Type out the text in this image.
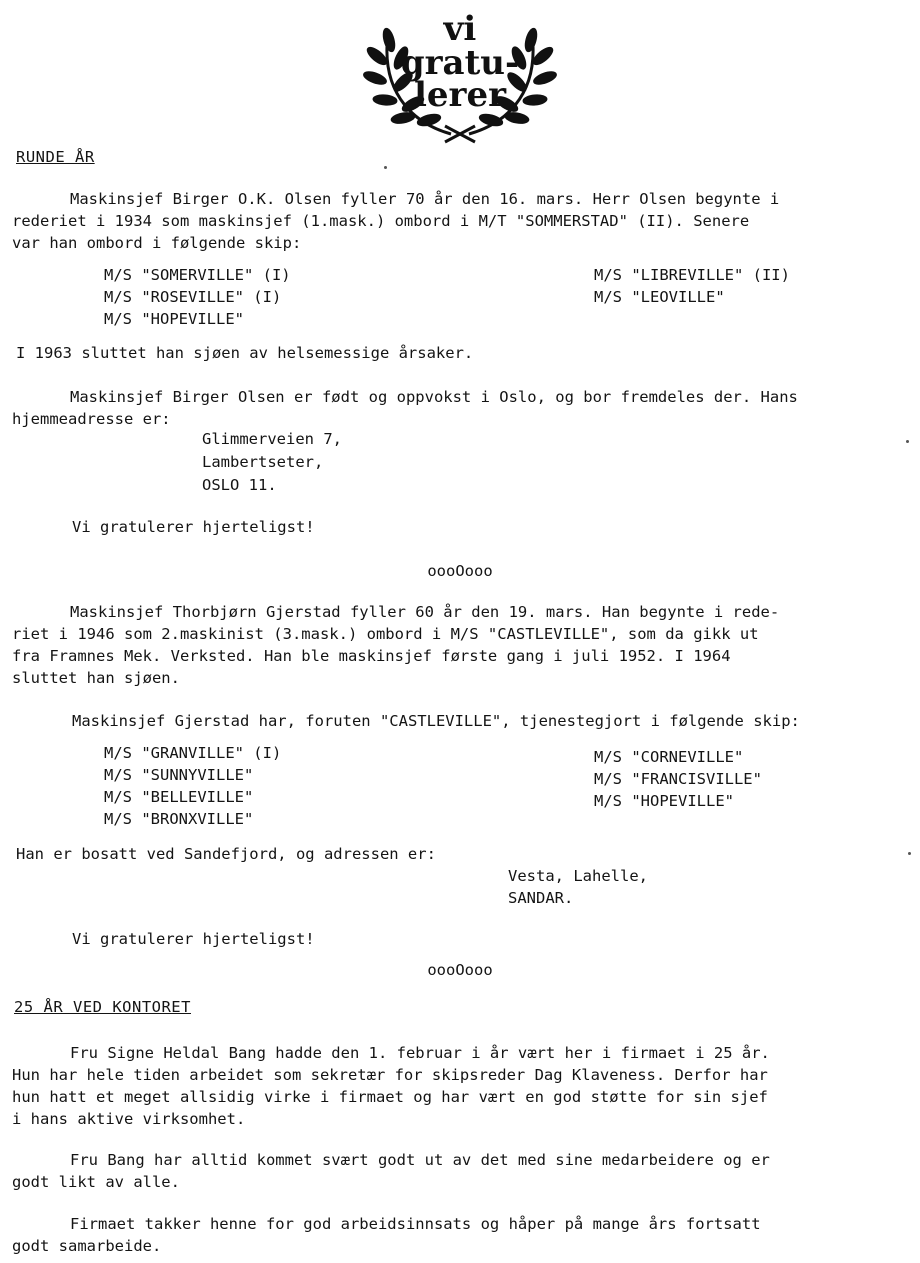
vi
gratu-
lerer
RUNDE ÅR
Maskinsjef Birger O.K. Olsen fyller 70 år den 16. mars. Herr Olsen begynte i
rederiet i 1934 som maskinsjef (1.mask.) ombord i M/T "SOMMERSTAD" (II). Senere
var han ombord i følgende skip:
M/S "SOMERVILLE" (I)
M/S "ROSEVILLE" (I)
M/S "HOPEVILLE"
M/S "LIBREVILLE" (II)
M/S "LEOVILLE"
I 1963 sluttet han sjøen av helsemessige årsaker.
Maskinsjef Birger Olsen er født og oppvokst i Oslo, og bor fremdeles der. Hans
hjemmeadresse er:
Glimmerveien 7,
Lambertseter,
OSLO 11.
Vi gratulerer hjerteligst!
oooOooo
Maskinsjef Thorbjørn Gjerstad fyller 60 år den 19. mars. Han begynte i rede-
riet i 1946 som 2.maskinist (3.mask.) ombord i M/S "CASTLEVILLE", som da gikk ut
fra Framnes Mek. Verksted. Han ble maskinsjef første gang i juli 1952. I 1964
sluttet han sjøen.
Maskinsjef Gjerstad har, foruten "CASTLEVILLE", tjenestegjort i følgende skip:
M/S "GRANVILLE" (I)
M/S "SUNNYVILLE"
M/S "BELLEVILLE"
M/S "BRONXVILLE"
M/S "CORNEVILLE"
M/S "FRANCISVILLE"
M/S "HOPEVILLE"
Han er bosatt ved Sandefjord, og adressen er:
Vesta, Lahelle,
SANDAR.
Vi gratulerer hjerteligst!
oooOooo
25 ÅR VED KONTORET
Fru Signe Heldal Bang hadde den 1. februar i år vært her i firmaet i 25 år.
Hun har hele tiden arbeidet som sekretær for skipsreder Dag Klaveness. Derfor har
hun hatt et meget allsidig virke i firmaet og har vært en god støtte for sin sjef
i hans aktive virksomhet.
Fru Bang har alltid kommet svært godt ut av det med sine medarbeidere og er
godt likt av alle.
Firmaet takker henne for god arbeidsinnsats og håper på mange års fortsatt
godt samarbeide.
